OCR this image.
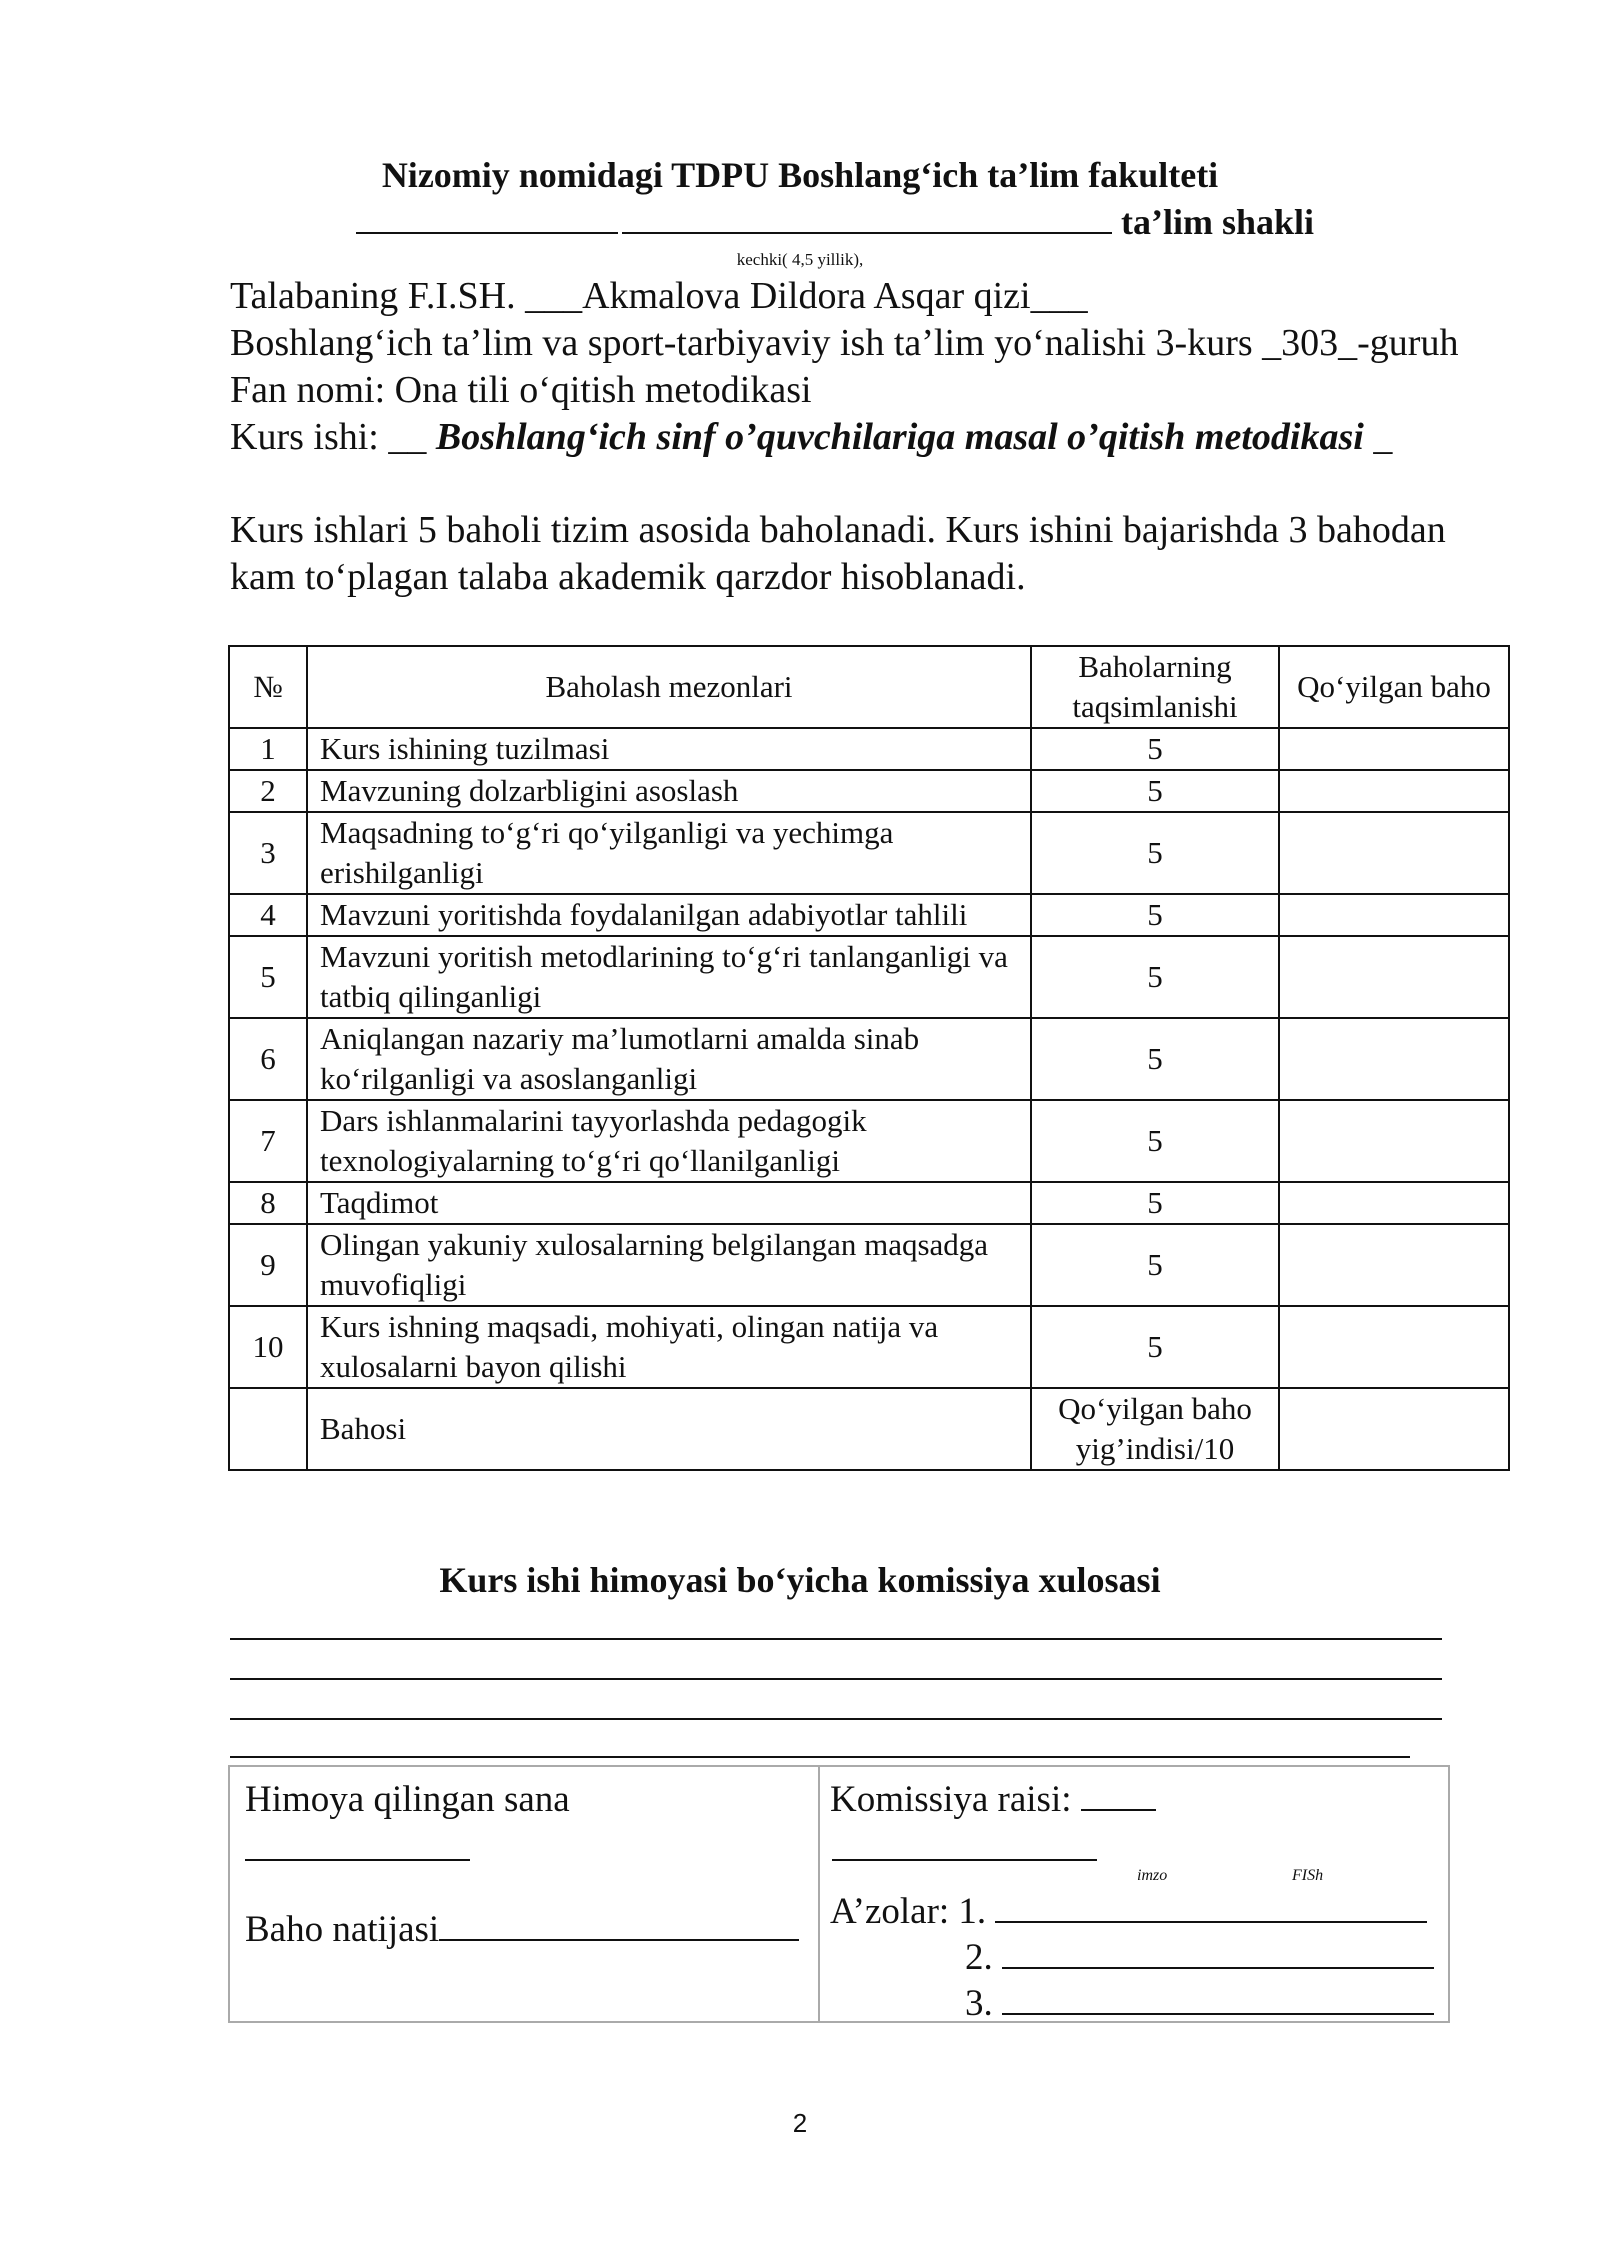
Nizomiy nomidagi TDPU Boshlang‘ich ta’lim fakulteti
ta’lim shakli
kechki( 4,5 yillik),
Talabaning F.I.SH. ___Akmalova Dildora Asqar qizi___
Boshlang‘ich ta’lim va sport-tarbiyaviy ish ta’lim yo‘nalishi 3-kurs _303_-guruh
Fan nomi: Ona tili o‘qitish metodikasi
Kurs ishi: __ Boshlang‘ich sinf o’quvchilariga masal o’qitish metodikasi _
Kurs ishlari 5 baholi tizim asosida baholanadi. Kurs ishini bajarishda 3 bahodan
kam to‘plagan talaba akademik qarzdor hisoblanadi.
№	Baholash mezonlari	Baholarning taqsimlanishi	Qo‘yilgan baho
1	Kurs ishining tuzilmasi	5	
2	Mavzuning dolzarbligini asoslash	5	
3	Maqsadning to‘g‘ri qo‘yilganligi va yechimga erishilganligi	5	
4	Mavzuni yoritishda foydalanilgan adabiyotlar tahlili	5	
5	Mavzuni yoritish metodlarining to‘g‘ri tanlanganligi va tatbiq qilinganligi	5	
6	Aniqlangan nazariy ma’lumotlarni amalda sinab ko‘rilganligi va asoslanganligi	5	
7	Dars ishlanmalarini tayyorlashda pedagogik texnologiyalarning to‘g‘ri qo‘llanilganligi	5	
8	Taqdimot	5	
9	Olingan yakuniy xulosalarning belgilangan maqsadga muvofiqligi	5	
10	Kurs ishning maqsadi, mohiyati, olingan natija va xulosalarni bayon qilishi	5	
	Bahosi	Qo‘yilgan baho yig’indisi/10	
Kurs ishi himoyasi bo‘yicha komissiya xulosasi
Himoya qilingan sana
Baho natijasi
Komissiya raisi:
imzo	FISh
A’zolar: 1.
2.
3.
2
